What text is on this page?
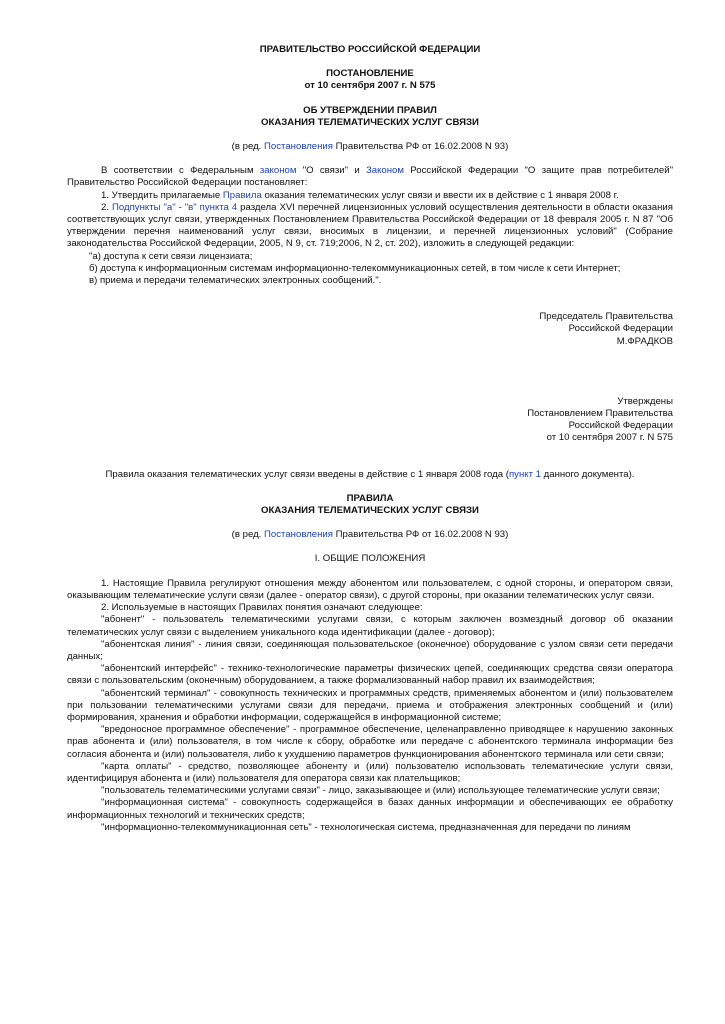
ПРАВИТЕЛЬСТВО РОССИЙСКОЙ ФЕДЕРАЦИИ
ПОСТАНОВЛЕНИЕ
от 10 сентября 2007 г. N 575
ОБ УТВЕРЖДЕНИИ ПРАВИЛ
ОКАЗАНИЯ ТЕЛЕМАТИЧЕСКИХ УСЛУГ СВЯЗИ
(в ред. Постановления Правительства РФ от 16.02.2008 N 93)

В соответствии с Федеральным законом "О связи" и Законом Российской Федерации "О защите прав потребителей" Правительство Российской Федерации постановляет:

1. Утвердить прилагаемые Правила оказания телематических услуг связи и ввести их в действие с 1 января 2008 г.

2. Подпункты "а" - "в" пункта 4 раздела XVI перечней лицензионных условий осуществления деятельности в области оказания соответствующих услуг связи, утвержденных Постановлением Правительства Российской Федерации от 18 февраля 2005 г. N 87 "Об утверждении перечня наименований услуг связи, вносимых в лицензии, и перечней лицензионных условий" (Собрание законодательства Российской Федерации, 2005, N 9, ст. 719;2006, N 2, ст. 202), изложить в следующей редакции:

"а) доступа к сети связи лицензиата;

б) доступа к информационным системам информационно-телекоммуникационных сетей, в том числе к сети Интернет;

в) приема и передачи телематических электронных сообщений.".

Председатель Правительства
Российской Федерации
М.ФРАДКОВ
Утверждены
Постановлением Правительства
Российской Федерации
от 10 сентября 2007 г. N 575
Правила оказания телематических услуг связи введены в действие с 1 января 2008 года (пункт 1 данного документа).
ПРАВИЛА
ОКАЗАНИЯ ТЕЛЕМАТИЧЕСКИХ УСЛУГ СВЯЗИ
(в ред. Постановления Правительства РФ от 16.02.2008 N 93)
I. ОБЩИЕ ПОЛОЖЕНИЯ

1. Настоящие Правила регулируют отношения между абонентом или пользователем, с одной стороны, и оператором связи, оказывающим телематические услуги связи (далее - оператор связи), с другой стороны, при оказании телематических услуг связи.

2. Используемые в настоящих Правилах понятия означают следующее:

"абонент" - пользователь телематическими услугами связи, с которым заключен возмездный договор об оказании телематических услуг связи с выделением уникального кода идентификации (далее - договор);

"абонентская линия" - линия связи, соединяющая пользовательское (оконечное) оборудование с узлом связи сети передачи данных;

"абонентский интерфейс" - технико-технологические параметры физических цепей, соединяющих средства связи оператора связи с пользовательским (оконечным) оборудованием, а также формализованный набор правил их взаимодействия;

"абонентский терминал" - совокупность технических и программных средств, применяемых абонентом и (или) пользователем при пользовании телематическими услугами связи для передачи, приема и отображения электронных сообщений и (или) формирования, хранения и обработки информации, содержащейся в информационной системе;

"вредоносное программное обеспечение" - программное обеспечение, целенаправленно приводящее к нарушению законных прав абонента и (или) пользователя, в том числе к сбору, обработке или передаче с абонентского терминала информации без согласия абонента и (или) пользователя, либо к ухудшению параметров функционирования абонентского терминала или сети связи;

"карта оплаты" - средство, позволяющее абоненту и (или) пользователю использовать телематические услуги связи, идентифицируя абонента и (или) пользователя для оператора связи как плательщиков;

"пользователь телематическими услугами связи" - лицо, заказывающее и (или) использующее телематические услуги связи;

"информационная система" - совокупность содержащейся в базах данных информации и обеспечивающих ее обработку информационных технологий и технических средств;

"информационно-телекоммуникационная сеть" - технологическая система, предназначенная для передачи по линиям
